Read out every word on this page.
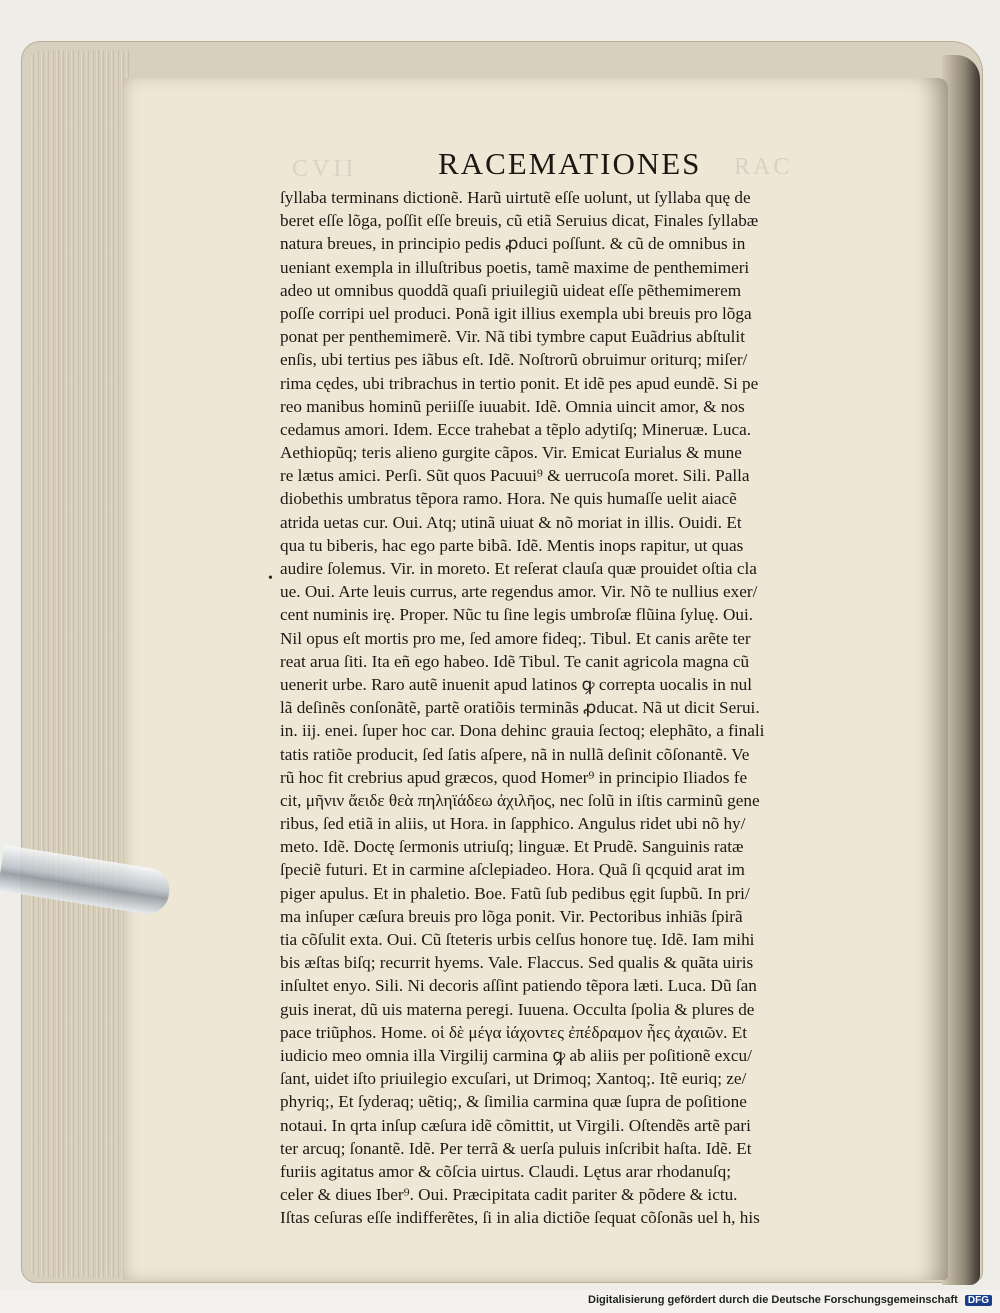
CVII	RAC
RACEMATIONES
•
ſyllaba terminans dictionẽ. Harũ uirtutẽ eſſe uolunt, ut ſyllaba quę de
beret eſſe lõga, poſſit eſſe breuis, cũ etiã Seruius dicat, Finales ſyllabæ
natura breues, in principio pedis ꝓduci poſſunt. & cũ de omnibus in
ueniant exempla in illuſtribus poetis, tamẽ maxime de penthemimeri
adeo ut omnibus quoddã quaſi priuilegiũ uideat eſſe pẽthemimerem
poſſe corripi uel produci. Ponã igit illius exempla ubi breuis pro lõga
ponat per penthemimerẽ. Vir. Nã tibi tymbre caput Euãdrius abſtulit
enſis, ubi tertius pes iãbus eſt. Idẽ. Noſtrorũ obruimur oriturq; miſer/
rima cędes, ubi tribrachus in tertio ponit. Et idẽ pes apud eundẽ. Si pe
reo manibus hominũ periiſſe iuuabit. Idẽ. Omnia uincit amor, & nos
cedamus amori. Idem. Ecce trahebat a tẽplo adytiſq; Mineruæ. Luca.
Aethiopũq; teris alieno gurgite cãpos. Vir. Emicat Eurialus & mune
re lætus amici. Perſi. Sũt quos Pacuui⁹ & uerrucoſa moret. Sili. Palla
diobethis umbratus tẽpora ramo. Hora. Ne quis humaſſe uelit aiacẽ
atrida uetas cur. Oui. Atq; utinã uiuat & nõ moriat in illis. Ouidi. Et
qua tu biberis, hac ego parte bibã. Idẽ. Mentis inops rapitur, ut quas
audire ſolemus. Vir. in moreto. Et reſerat clauſa quæ prouidet oſtia cla
ue. Oui. Arte leuis currus, arte regendus amor. Vir. Nõ te nullius exer/
cent numinis irę. Proper. Nũc tu ſine legis umbroſæ flũina ſyluę. Oui.
Nil opus eſt mortis pro me, ſed amore fideq;. Tibul. Et canis arẽte ter
reat arua ſiti. Ita eñ ego habeo. Idẽ Tibul. Te canit agricola magna cũ
uenerit urbe. Raro autẽ inuenit apud latinos ꝙ correpta uocalis in nul
lã deſinẽs conſonãtẽ, partẽ oratiõis terminãs ꝓducat. Nã ut dicit Serui.
in. iij. enei. ſuper hoc car. Dona dehinc grauia ſectoq; elephãto, a finali
tatis ratiõe producit, ſed ſatis aſpere, nã in nullã deſinit cõſonantẽ. Ve
rũ hoc fit crebrius apud græcos, quod Homer⁹ in principio Iliados fe
cit, μῆνιν ἄειδε θεὰ πηληϊάδεω ἀχιλῆος, nec ſolũ in iſtis carminũ gene
ribus, ſed etiã in aliis, ut Hora. in ſapphico. Angulus ridet ubi nõ hy/
meto. Idẽ. Doctę ſermonis utriuſq; linguæ. Et Prudẽ. Sanguinis ratæ
ſpeciẽ futuri. Et in carmine aſclepiadeo. Hora. Quã ſi qcquid arat im
piger apulus. Et in phaletio. Boe. Fatũ ſub pedibus ęgit ſupbũ. In pri/
ma inſuper cæſura breuis pro lõga ponit. Vir. Pectoribus inhiãs ſpirã
tia cõſulit exta. Oui. Cũ ſteteris urbis celſus honore tuę. Idẽ. Iam mihi
bis æſtas biſq; recurrit hyems. Vale. Flaccus. Sed qualis & quãta uiris
inſultet enyo. Sili. Ni decoris aſſint patiendo tẽpora læti. Luca. Dũ ſan
guis inerat, dũ uis materna peregi. Iuuena. Occulta ſpolia & plures de
pace triũphos. Home. οἱ δὲ μέγα ἰάχοντες ἐπέδραμον ἧες ἀχαιῶν. Et
iudicio meo omnia illa Virgilij carmina ꝙ ab aliis per poſitionẽ excu/
ſant, uidet iſto priuilegio excuſari, ut Drimoq; Xantoq;. Itẽ euriq; ze/
phyriq;, Et ſyderaq; uẽtiq;, & ſimilia carmina quæ ſupra de poſitione
notaui. In qrta inſup cæſura idẽ cõmittit, ut Virgili. Oſtendẽs artẽ pari
ter arcuq; ſonantẽ. Idẽ. Per terrã & uerſa puluis inſcribit haſta. Idẽ. Et
furiis agitatus amor & cõſcia uirtus. Claudi. Lętus arar rhodanuſq;
celer & diues Iber⁹. Oui. Præcipitata cadit pariter & põdere & ictu.
Iſtas ceſuras eſſe indifferẽtes, ſi in alia dictiõe ſequat cõſonãs uel h, his
Digitalisierung gefördert durch die Deutsche Forschungsgemeinschaft DFG
